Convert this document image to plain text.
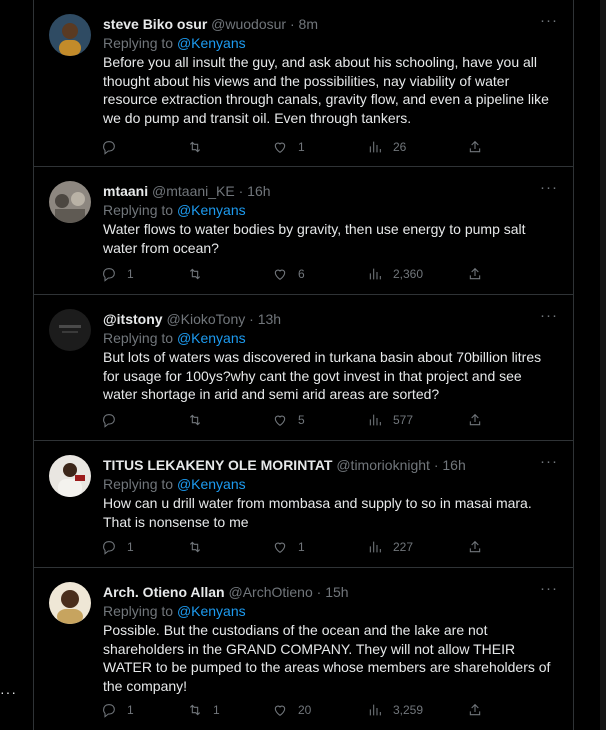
···
steve Biko osur @wuodosur · 8m	···
Replying to @Kenyans
Before you all insult the guy, and ask about his schooling, have you all thought about his views and the possibilities, nay viability of water resource extraction through canals, gravity flow, and even a pipeline like we do pump and transit oil. Even through tankers.
1	26
mtaani @mtaani_KE · 16h	···
Replying to @Kenyans
Water flows to water bodies by gravity, then use energy to pump salt water from ocean?
1	6	2,360
@itstony @KiokoTony · 13h	···
Replying to @Kenyans
But lots of waters was discovered in turkana basin about 70billion litres for usage for 100ys?why cant the govt invest in that project and see water shortage in arid and semi arid areas are sorted?
5	577
TITUS LEKAKENY OLE MORINTAT @timorioknight · 16h	···
Replying to @Kenyans
How can u drill water from mombasa and supply to so in masai mara. That is nonsense to me
1	1	227
Arch. Otieno Allan @ArchOtieno · 15h	···
Replying to @Kenyans
Possible. But the custodians of the ocean and the lake are not shareholders in the GRAND COMPANY. They will not allow THEIR WATER to be pumped to the areas whose members are shareholders of the company!
1	1	20	3,259
